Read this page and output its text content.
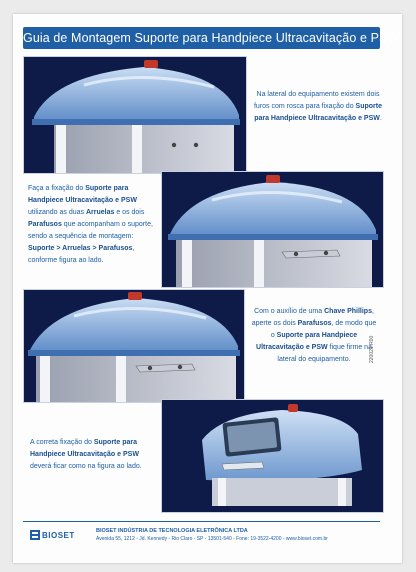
Guia de Montagem Suporte para Handpiece Ultracavitação e PSW
Na lateral do equipamento existem dois furos com rosca para fixação do Suporte para Handpiece Ultracavitação e PSW.
Faça a fixação do Suporte para Handpiece Ultracavitação e PSW utilizando as duas Arruelas e os dois Parafusos que acompanham o suporte, sendo a sequência de montagem: Suporte > Arruelas > Parafusos, conforme figura ao lado.
Com o auxílio de uma Chave Phillips, aperte os dois Parafusos, de modo que o Suporte para Handpiece Ultracavitação e PSW fique firme na lateral do equipamento.	220021 R00
A correta fixação do Suporte para Handpiece Ultracavitação e PSW deverá ficar como na figura ao lado.
BIOSET	BIOSET INDÚSTRIA DE TECNOLOGIA ELETRÔNICA LTDA
Avenida 55, 1212 - Jd. Kennedy - Rio Claro - SP - 13501-540 - Fone: 19-3522-4200 - www.bioset.com.br
